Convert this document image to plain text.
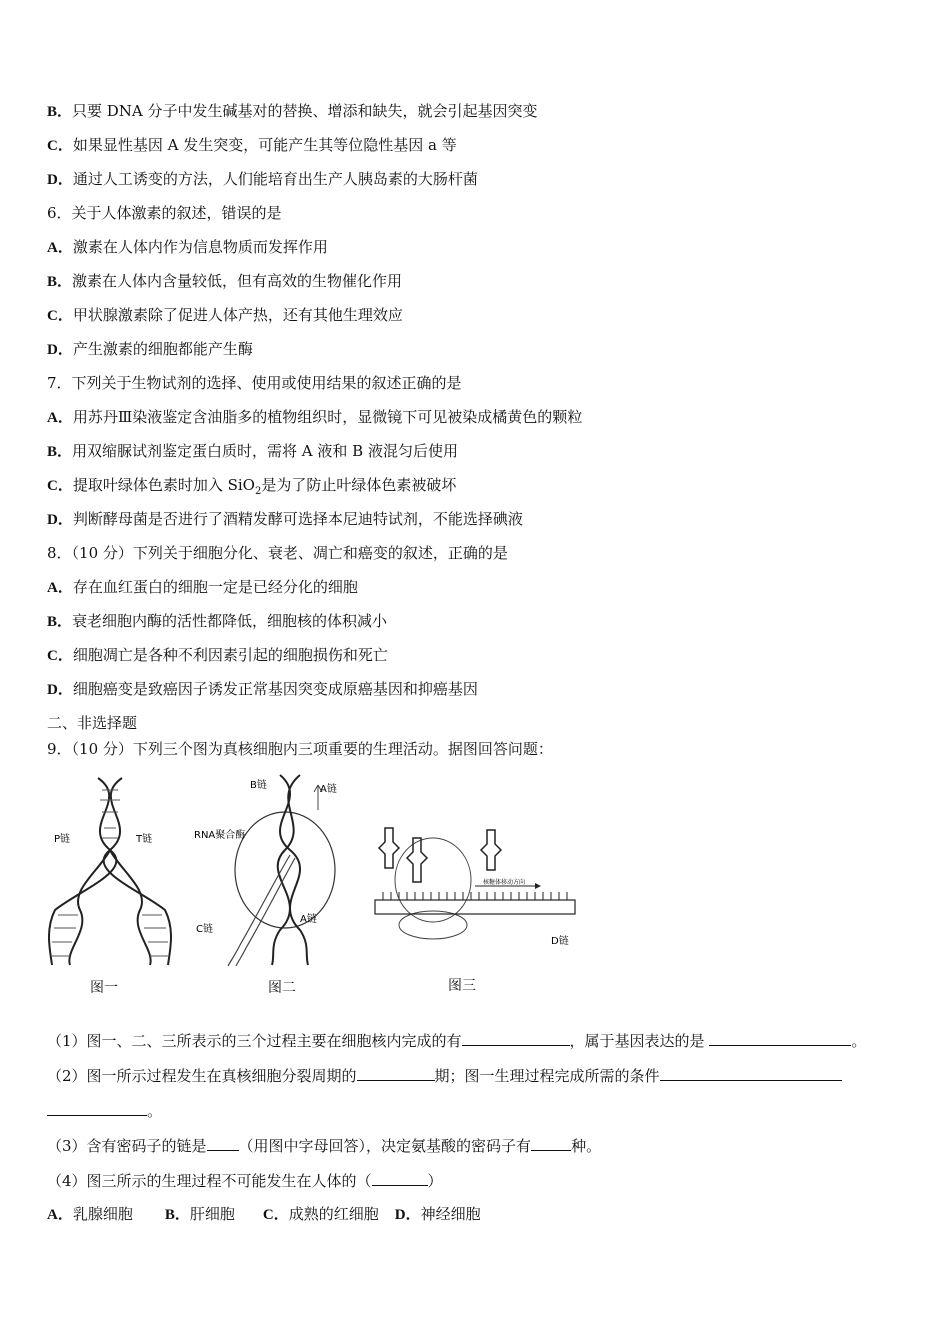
B．只要 DNA 分子中发生碱基对的替换、增添和缺失，就会引起基因突变
C．如果显性基因 A 发生突变，可能产生其等位隐性基因 a 等
D．通过人工诱变的方法，人们能培育出生产人胰岛素的大肠杆菌
6．关于人体激素的叙述，错误的是
A．激素在人体内作为信息物质而发挥作用
B．激素在人体内含量较低，但有高效的生物催化作用
C．甲状腺激素除了促进人体产热，还有其他生理效应
D．产生激素的细胞都能产生酶
7．下列关于生物试剂的选择、使用或使用结果的叙述正确的是
A．用苏丹Ⅲ染液鉴定含油脂多的植物组织时，显微镜下可见被染成橘黄色的颗粒
B．用双缩脲试剂鉴定蛋白质时，需将 A 液和 B 液混匀后使用
C．提取叶绿体色素时加入 SiO$_2$是为了防止叶绿体色素被破坏
D．判断酵母菌是否进行了酒精发酵可选择本尼迪特试剂，不能选择碘液
8．（10 分）下列关于细胞分化、衰老、凋亡和癌变的叙述，正确的是
A．存在血红蛋白的细胞一定是已经分化的细胞
B．衰老细胞内酶的活性都降低，细胞核的体积减小
C．细胞凋亡是各种不利因素引起的细胞损伤和死亡
D．细胞癌变是致癌因子诱发正常基因突变成原癌基因和抑癌基因
二、非选择题
9．（10 分）下列三个图为真核细胞内三项重要的生理活动。据图回答问题：
P链	T链
图一
B链	A链
RNA聚合酶
C链
A链
图二
核糖体移动方向
D链
图三
（1）图一、二、三所表示的三个过程主要在细胞核内完成的有	，属于基因表达的是	。
（2）图一所示过程发生在真核细胞分裂周期的	期；图一生理过程完成所需的条件
。
（3）含有密码子的链是 （用图中字母回答），决定氨基酸的密码子有	种。
（4）图三所示的生理过程不可能发生在人体的（	）
A．乳腺细胞 B．肝细胞 C．成熟的红细胞 D．神经细胞
